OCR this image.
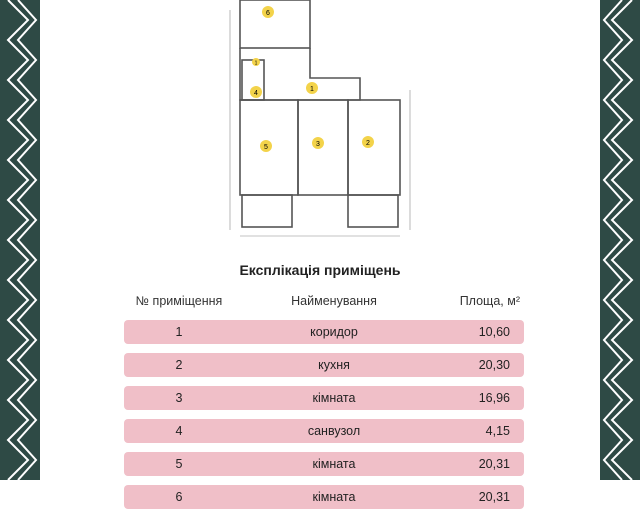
6
1
1
4
5	3	2
Експлікація приміщень
№ приміщення	Найменування	Площа, м²
1	коридор	10,60
2	кухня	20,30
3	кімната	16,96
4	санвузол	4,15
5	кімната	20,31
6	кімната	20,31
